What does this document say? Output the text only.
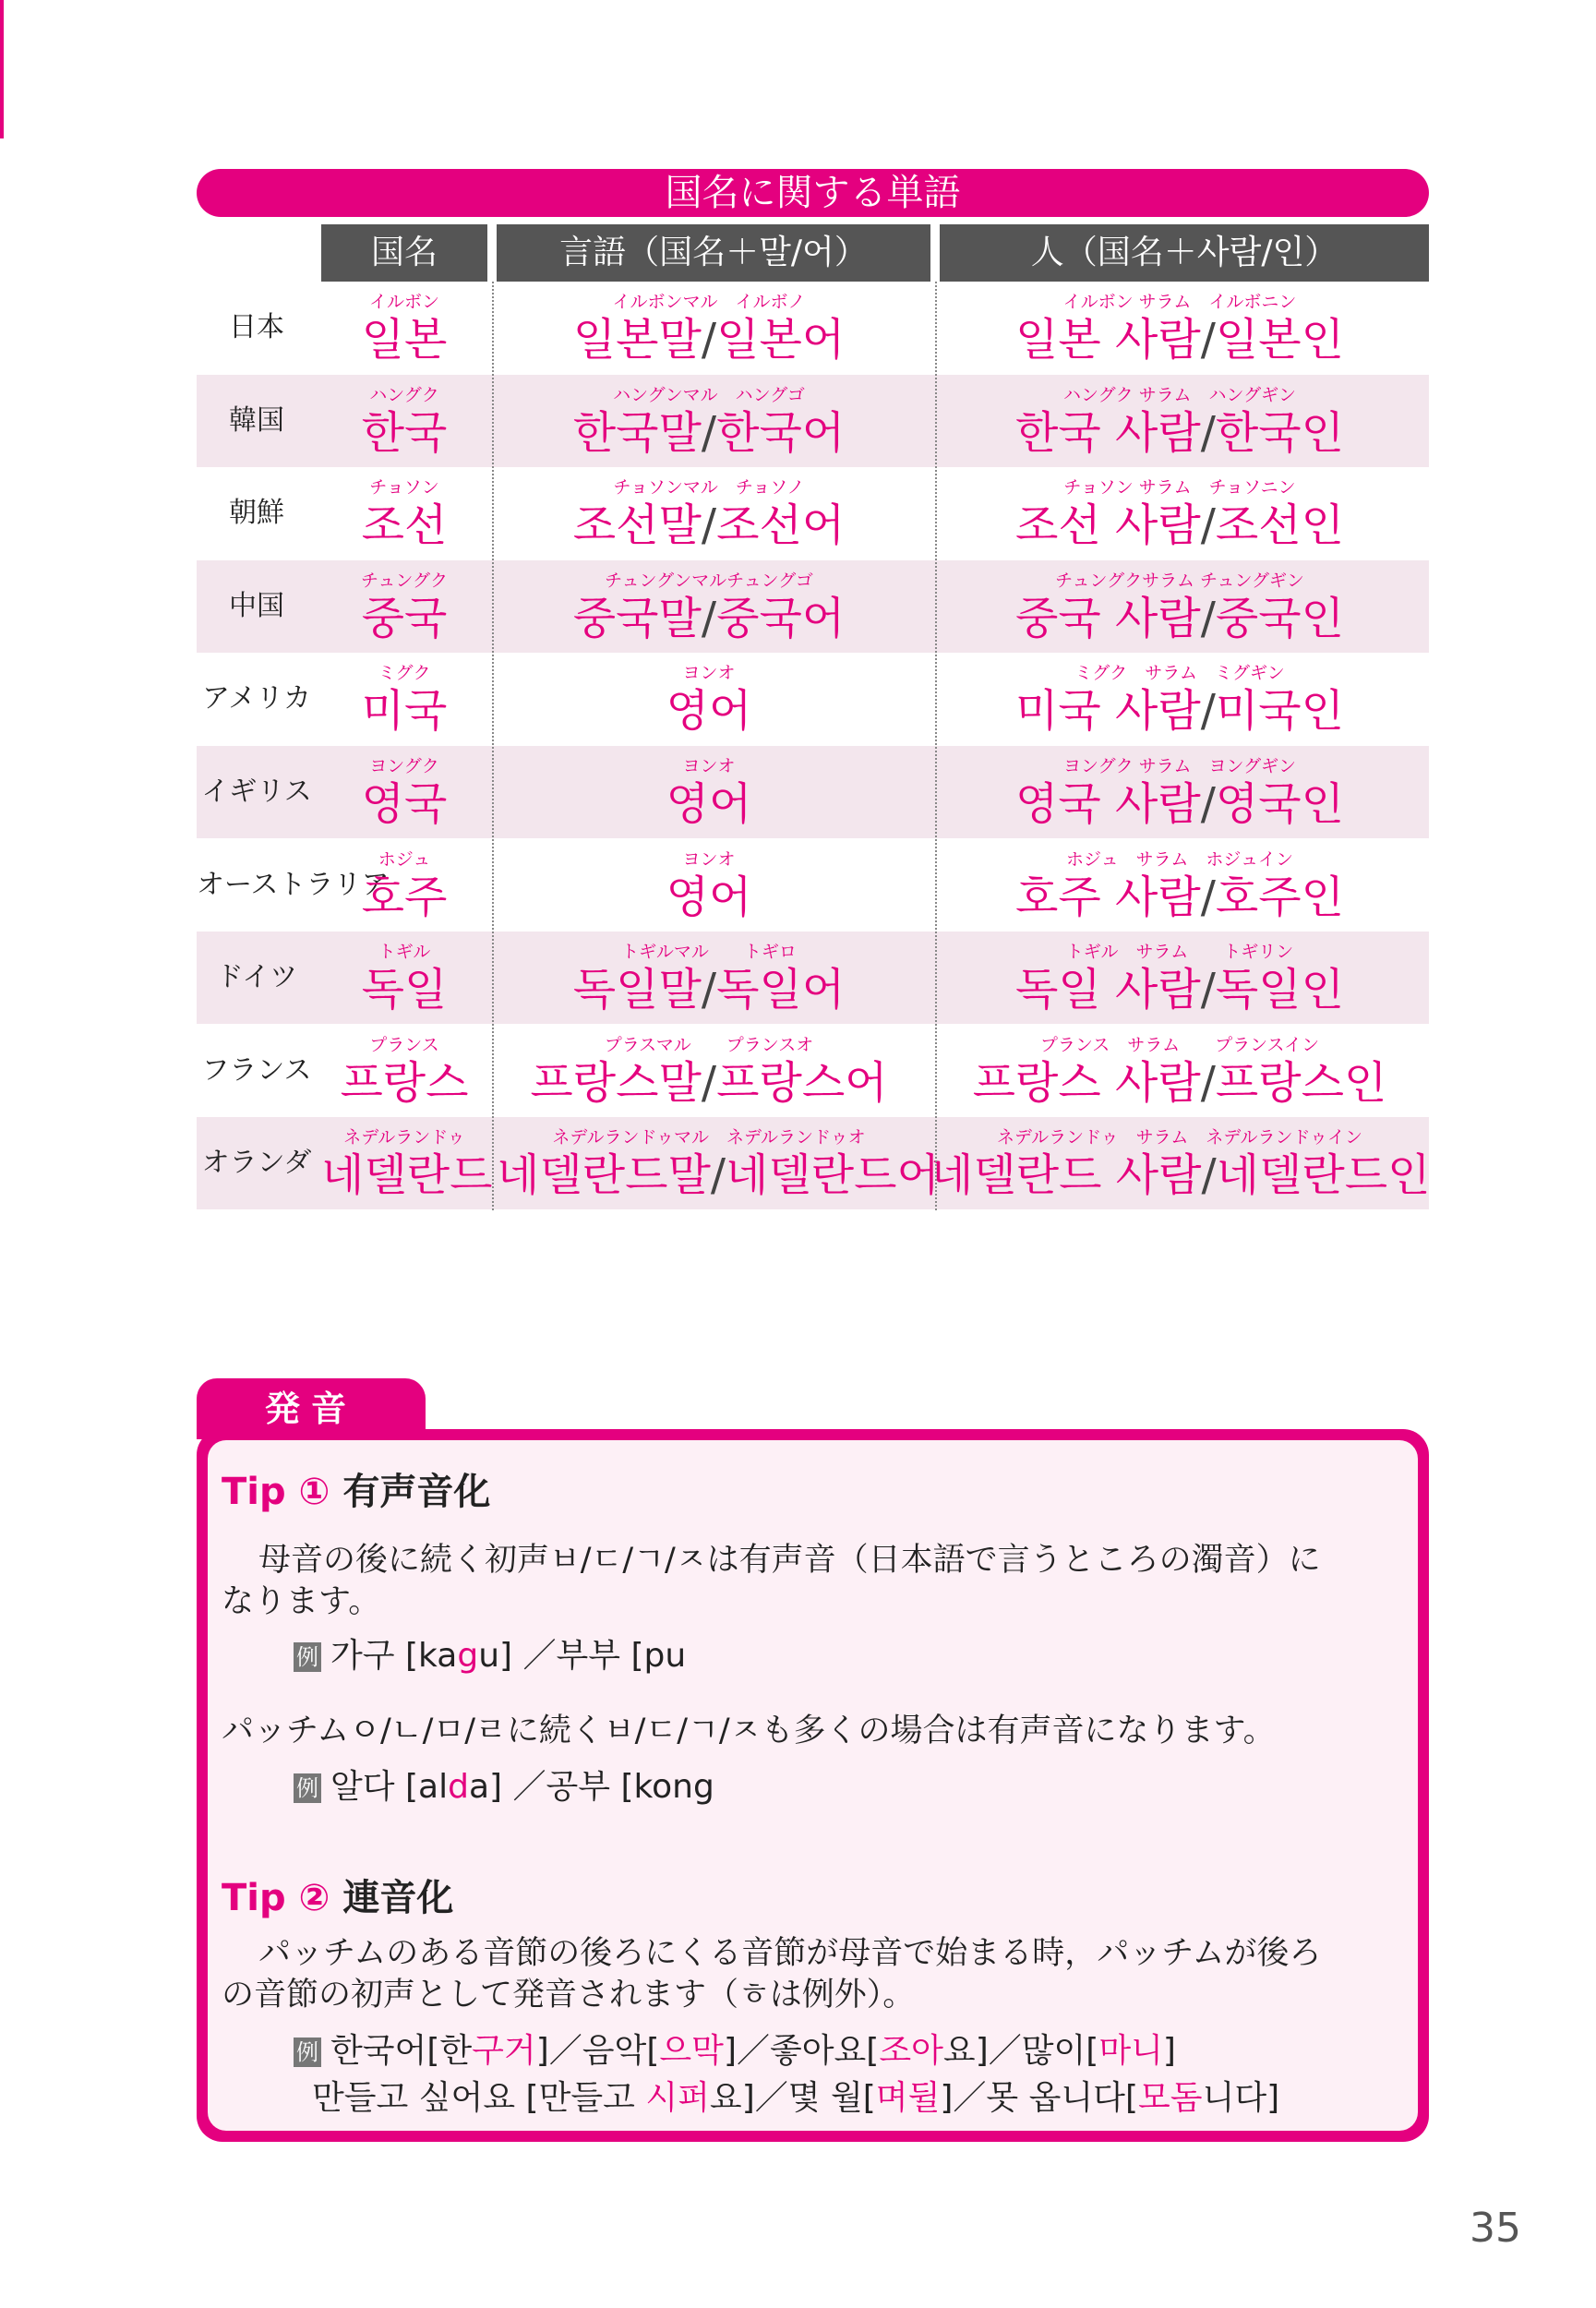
国名に関する単語
国名	言語（国名＋말/어）	人（国名＋사람/인）
日本
イルボン
일본
イルボンマル　イルボノ
일본말/일본어
イルボン サラム　イルボニン
일본 사람/일본인
韓国
ハングク
한국
ハングンマル　ハングゴ
한국말/한국어
ハングク サラム　ハングギン
한국 사람/한국인
朝鮮
チョソン
조선
チョソンマル　チョソノ
조선말/조선어
チョソン サラム　チョソニン
조선 사람/조선인
中国
チュングク
중국
チュングンマルチュングゴ
중국말/중국어
チュングクサラム チュングギン
중국 사람/중국인
アメリカ
ミグク
미국
ヨンオ
영어
ミグク　サラム　ミグギン
미국 사람/미국인
イギリス
ヨングク
영국
ヨンオ
영어
ヨングク サラム　ヨングギン
영국 사람/영국인
オーストラリア
ホジュ
호주
ヨンオ
영어
ホジュ　サラム　ホジュイン
호주 사람/호주인
ドイツ
トギル
독일
トギルマル　　トギロ
독일말/독일어
トギル　サラム　　トギリン
독일 사람/독일인
フランス
プランス
프랑스
プラスマル　　プランスオ
프랑스말/프랑스어
プランス　サラム　　プランスイン
프랑스 사람/프랑스인
オランダ
ネデルランドゥ
네델란드
ネデルランドゥマル　ネデルランドゥオ
네델란드말/네델란드어
ネデルランドゥ　サラム　ネデルランドゥイン
네델란드 사람/네델란드인
発音
Tip ① 有声音化
　母音の後に続く初声ㅂ/ㄷ/ㄱ/ㅈは有声音（日本語で言うところの濁音）に
なります。
例 가구 [kagu] ／부부 [pu
パッチムㅇ/ㄴ/ㅁ/ㄹに続くㅂ/ㄷ/ㄱ/ㅈも多くの場合は有声音になります。
例 알다 [alda] ／공부 [kong
Tip ② 連音化
　パッチムのある音節の後ろにくる音節が母音で始まる時，パッチムが後ろ
の音節の初声として発音されます（ㅎは例外）。
例 한국어[한구거]／음악[으막]／좋아요[조아요]／많이[마니]
만들고 싶어요 [만들고 시퍼요]／몇 월[며뒬]／못 옵니다[모돔니다]
35
